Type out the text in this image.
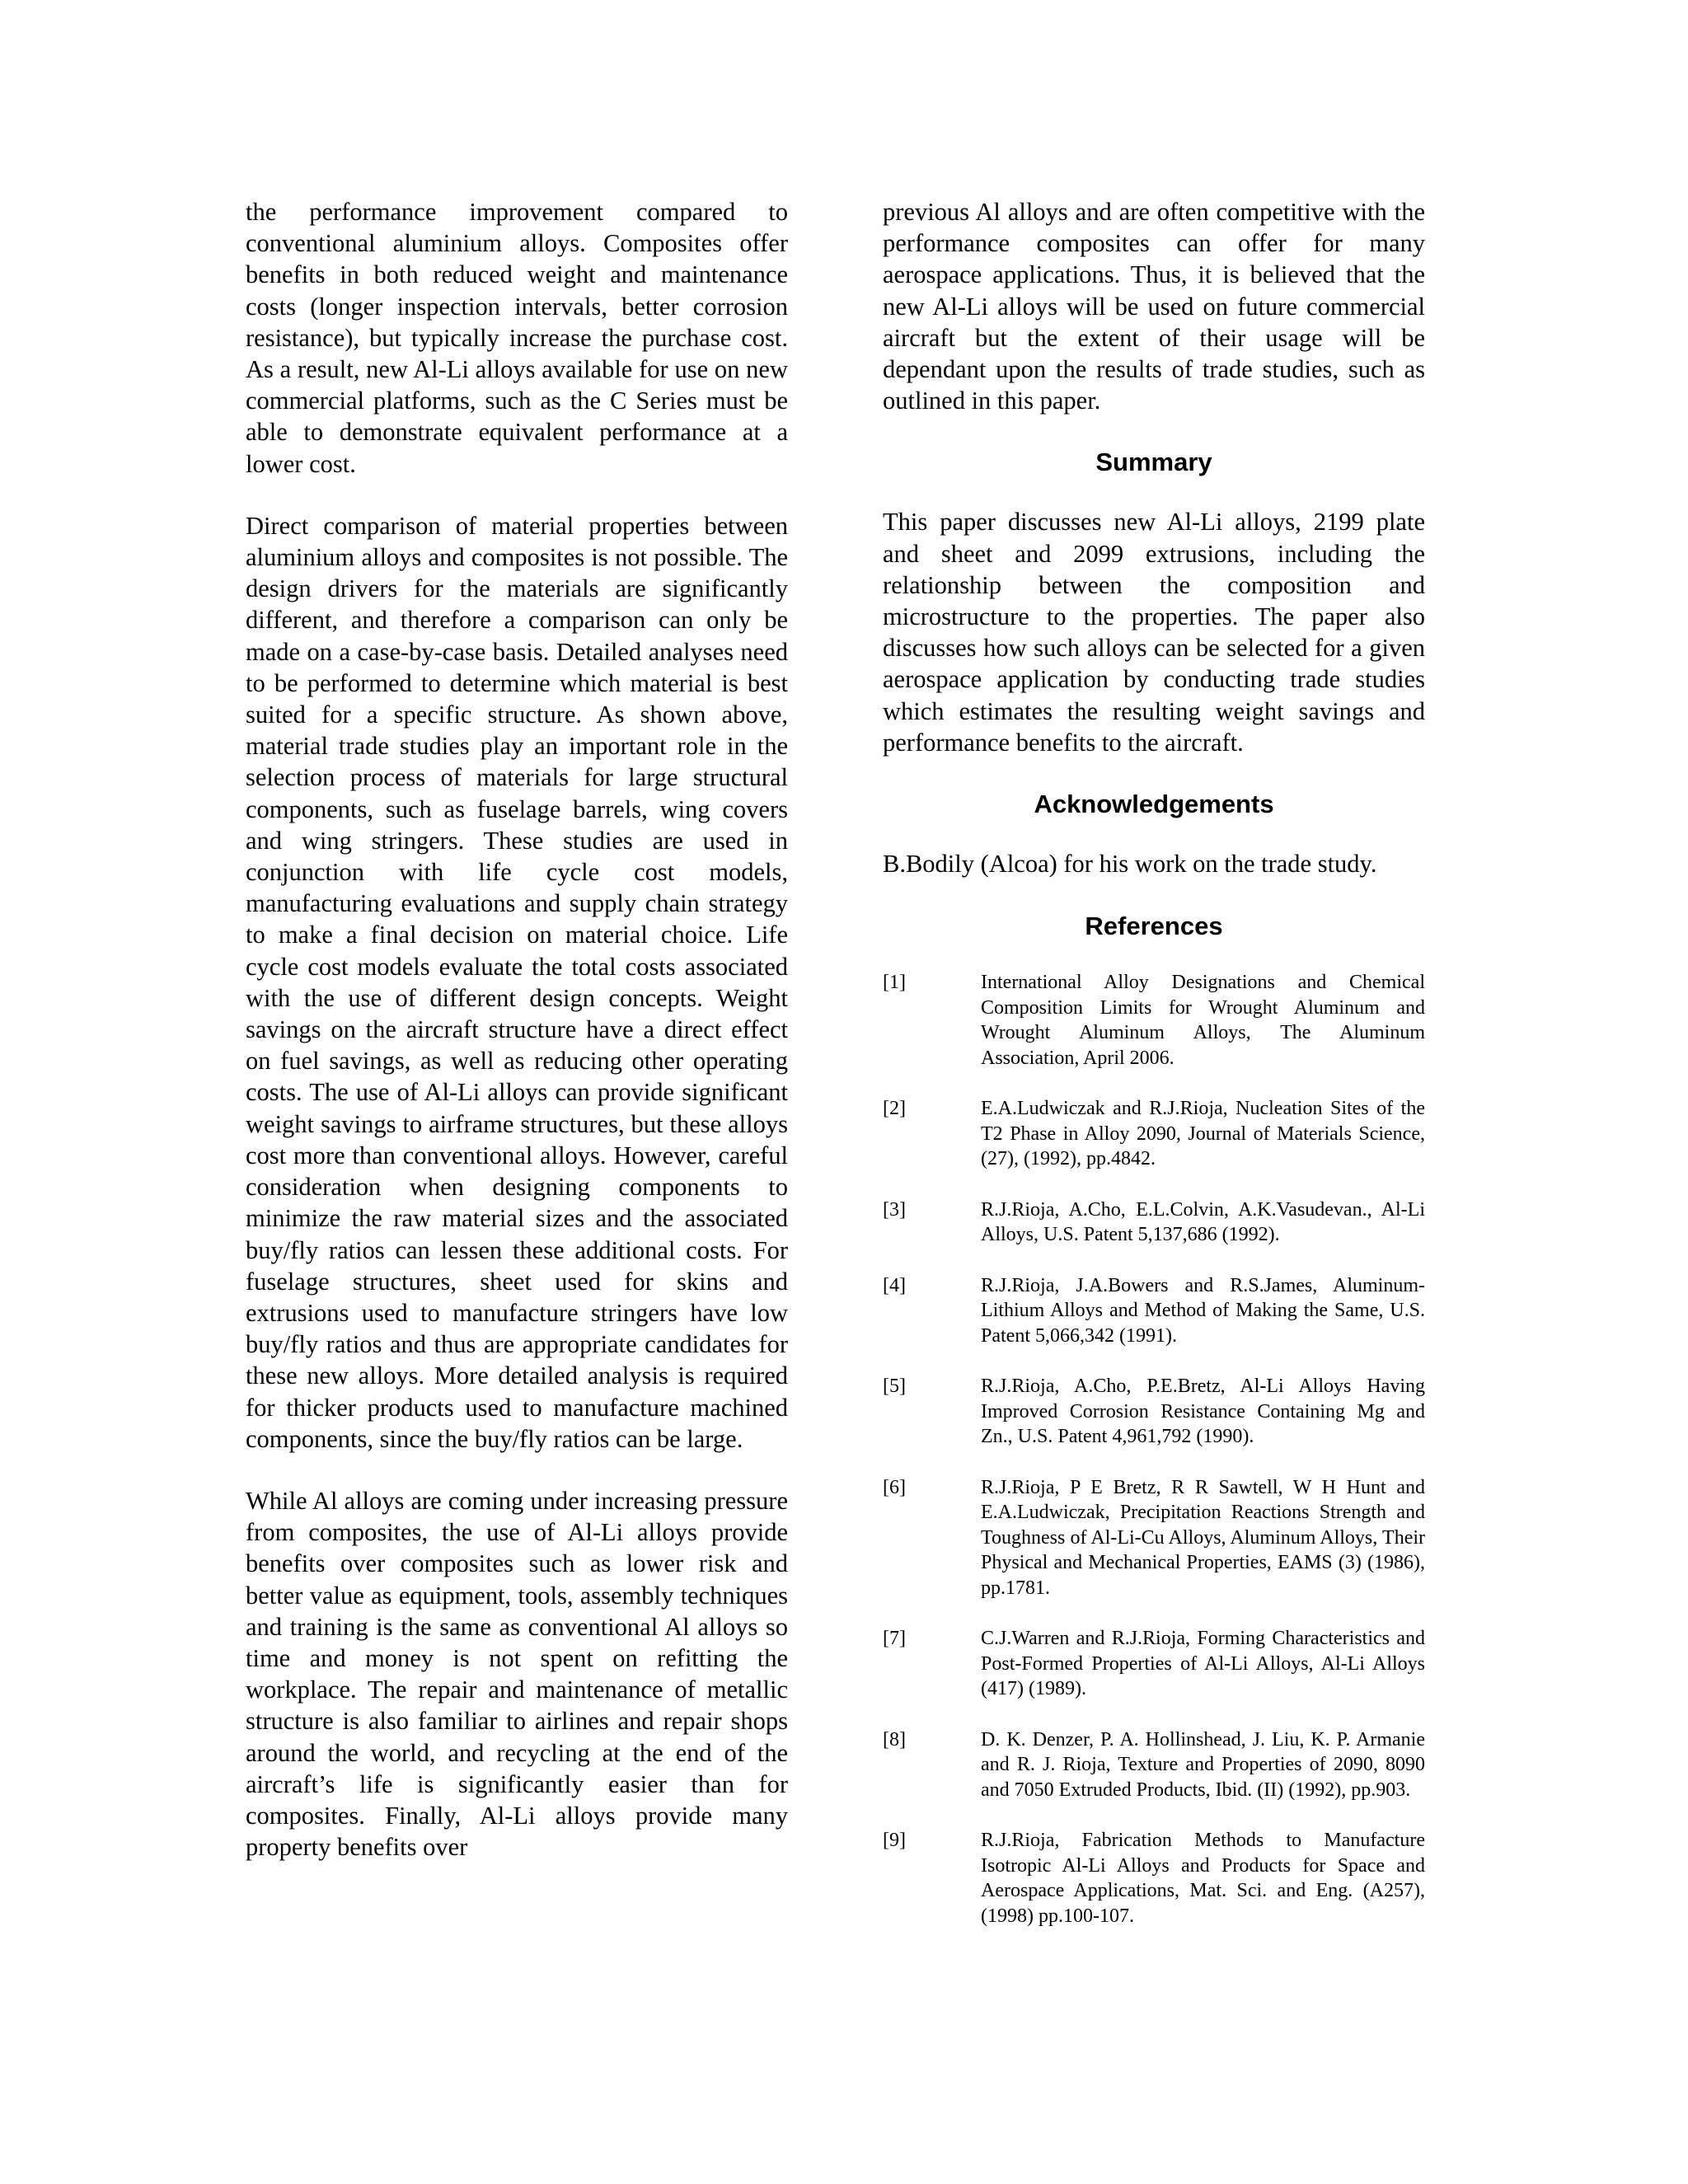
the performance improvement compared to conventional aluminium alloys. Composites offer benefits in both reduced weight and maintenance costs (longer inspection intervals, better corrosion resistance), but typically increase the purchase cost. As a result, new Al-Li alloys available for use on new commercial platforms, such as the C Series must be able to demonstrate equivalent performance at a lower cost.

Direct comparison of material properties between aluminium alloys and composites is not possible. The design drivers for the materials are significantly different, and therefore a comparison can only be made on a case-by-case basis. Detailed analyses need to be performed to determine which material is best suited for a specific structure. As shown above, material trade studies play an important role in the selection process of materials for large structural components, such as fuselage barrels, wing covers and wing stringers. These studies are used in conjunction with life cycle cost models, manufacturing evaluations and supply chain strategy to make a final decision on material choice. Life cycle cost models evaluate the total costs associated with the use of different design concepts. Weight savings on the aircraft structure have a direct effect on fuel savings, as well as reducing other operating costs. The use of Al-Li alloys can provide significant weight savings to airframe structures, but these alloys cost more than conventional alloys. However, careful consideration when designing components to minimize the raw material sizes and the associated buy/fly ratios can lessen these additional costs. For fuselage structures, sheet used for skins and extrusions used to manufacture stringers have low buy/fly ratios and thus are appropriate candidates for these new alloys. More detailed analysis is required for thicker products used to manufacture machined components, since the buy/fly ratios can be large.

While Al alloys are coming under increasing pressure from composites, the use of Al-Li alloys provide benefits over composites such as lower risk and better value as equipment, tools, assembly techniques and training is the same as conventional Al alloys so time and money is not spent on refitting the workplace. The repair and maintenance of metallic structure is also familiar to airlines and repair shops around the world, and recycling at the end of the aircraft’s life is significantly easier than for composites. Finally, Al-Li alloys provide many property benefits over

previous Al alloys and are often competitive with the performance composites can offer for many aerospace applications. Thus, it is believed that the new Al-Li alloys will be used on future commercial aircraft but the extent of their usage will be dependant upon the results of trade studies, such as outlined in this paper.

Summary

This paper discusses new Al-Li alloys, 2199 plate and sheet and 2099 extrusions, including the relationship between the composition and microstructure to the properties. The paper also discusses how such alloys can be selected for a given aerospace application by conducting trade studies which estimates the resulting weight savings and performance benefits to the aircraft.

Acknowledgements

B.Bodily (Alcoa) for his work on the trade study.

References
[1]	International Alloy Designations and Chemical Composition Limits for Wrought Aluminum and Wrought Aluminum Alloys, The Aluminum Association, April 2006.
[2]	E.A.Ludwiczak and R.J.Rioja, Nucleation Sites of the T2 Phase in Alloy 2090, Journal of Materials Science, (27), (1992), pp.4842.
[3]	R.J.Rioja, A.Cho, E.L.Colvin, A.K.Vasudevan., Al-Li Alloys, U.S. Patent 5,137,686 (1992).
[4]	R.J.Rioja, J.A.Bowers and R.S.James, Aluminum-Lithium Alloys and Method of Making the Same, U.S. Patent 5,066,342 (1991).
[5]	R.J.Rioja, A.Cho, P.E.Bretz, Al-Li Alloys Having Improved Corrosion Resistance Containing Mg and Zn., U.S. Patent 4,961,792 (1990).
[6]	R.J.Rioja, P E Bretz, R R Sawtell, W H Hunt and E.A.Ludwiczak, Precipitation Reactions Strength and Toughness of Al-Li-Cu Alloys, Aluminum Alloys, Their Physical and Mechanical Properties, EAMS (3) (1986), pp.1781.
[7]	C.J.Warren and R.J.Rioja, Forming Characteristics and Post-Formed Properties of Al-Li Alloys, Al-Li Alloys (417) (1989).
[8]	D. K. Denzer, P. A. Hollinshead, J. Liu, K. P. Armanie and R. J. Rioja, Texture and Properties of 2090, 8090 and 7050 Extruded Products, Ibid. (II) (1992), pp.903.
[9]	R.J.Rioja, Fabrication Methods to Manufacture Isotropic Al-Li Alloys and Products for Space and Aerospace Applications, Mat. Sci. and Eng. (A257), (1998) pp.100-107.
